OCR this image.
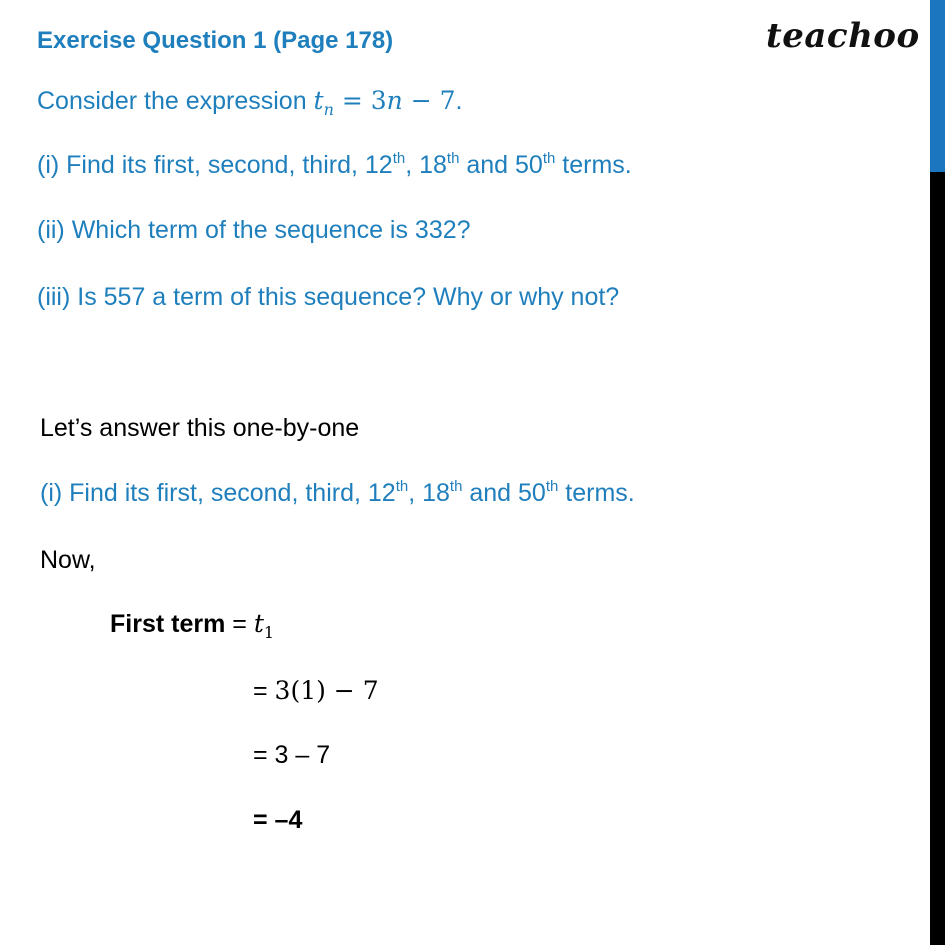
teachoo
Exercise Question 1 (Page 178)
Consider the expression $t_n = 3n - 7$.
(i) Find its first, second, third, 12th, 18th and 50th terms.
(ii) Which term of the sequence is 332?
(iii) Is 557 a term of this sequence? Why or why not?
Let’s answer this one-by-one
(i) Find its first, second, third, 12th, 18th and 50th terms.
Now,
First term = $t_1$
= 3(1) − 7
= 3 – 7
= –4
